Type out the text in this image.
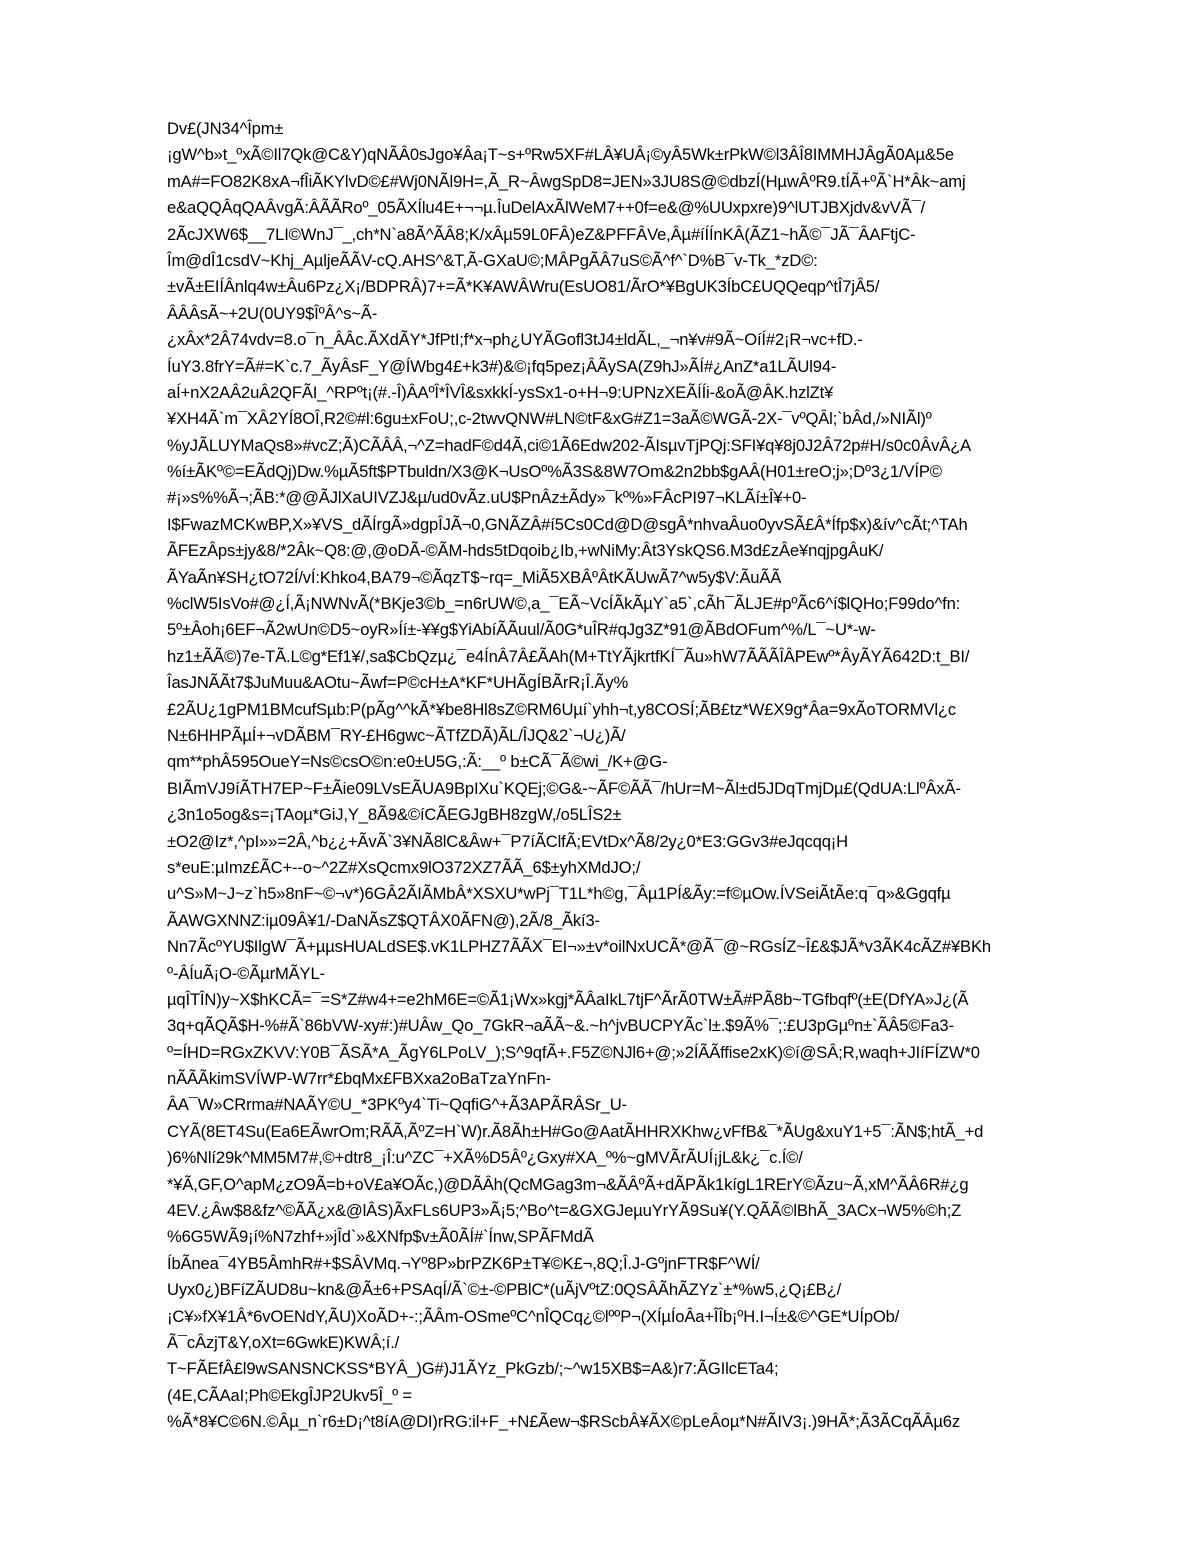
Dv£(JN34^Îpm±
¡gW^b»t_ºxÃ©Il7Qk@C&Y)qNÃÂ0sJgo¥Âa¡T~s+ºRw5XF#LÂ¥UÂ¡©yÂ5Wk±rPkW©l3ÂÎ8IMMHJÂgÃ0Aµ&5e
mA#=FO82K8xA¬fÎiÃKYlvD©£#Wj0NÃl9H=,Ã_R~ÂwgSpD8=JEN»3JU8S@©dbzÍ(HµwÂºR9.tÍÃ+ºÃ`H*Âk~amj
e&aQQÂqQAÂvgÃ:ÂÃÃRoº_05ÃXÍlu4E+¬¬µ.ÎuDelAxÃlWeM7++0f=e&@%UUxpxre)9^lUTJBXjdv&vVÃ¯/
2ÃcJXW6$__7LI©WnJ¯_,ch*N`a8Ã^ÃÂ8;K/xÂµ59L0FÂ)eZ&PFFÂVe,Âµ#íÍÍnKÂ(ÃZ1~hÃ©¯JÃ¯ÂAFtjC-
Îm@dÎ1csdV~Khj_AµljeÃÃV-cQ.AHS^&T,Ã-GXaU©;MÂPgÃÂ7uS©Ã^f^`D%B¯v-Tk_*zD©:
±vÃ±EIÍÂnlq4w±Âu6Pz¿X¡/BDPRÂ)7+=Ã*K¥AWÂWru(EsUO81/ÃrO*¥BgUK3ÍbC£UQQeqp^tÎ7jÂ5/
ÂÂÂsÃ~+2U(0UY9$ÎºÂ^s~Ã-
¿xÂx*2Â74vdv=8.o¯n_ÂÂc.ÃXdÃY*JfPtI;f*x¬ph¿UYÃGofl3tJ4±ldÃL,_¬n¥v#9Ã~OíÍ#2¡R¬vc+fD.-
ÍuY3.8frY=Ã#=K`c.7_ÃyÂsF_Y@ÍWbg4£+k3#)&©¡fq5pez¡ÂÃySA(Z9hJ»ÃÍ#¿AnZ*a1LÃUl94-
aÍ+nX2AÂ2uÂ2QFÃI_^RPºt¡(#.-Î)ÂAºÎ*ÎVÎ&sxkkÍ-ysSx1-o+H¬9:UPNzXEÃÍÍi-&oÃ@ÂK.hzlZt¥
¥XH4Ã`m¯XÂ2YÍ8OÎ,R2©#l:6gu±xFoU;,c-2twvQNW#LN©tF&xG#Z1=3aÃ©WGÃ-2X-¯vºQÂl;`bÂd,/»NIÃl)º
%yJÃLUYMaQs8»#vcZ;Ã)CÃÂÂ,¬^Z=hadF©d4Ã,ci©1Ã6Edw202-ÃIsµvTjPQj:SFI¥q¥8j0J2Â72p#H/s0c0ÂvÂ¿A
%í±ÃKº©=EÃdQj)Dw.%µÃ5ft$PTbuldn/X3@K¬UsOº%Ã3S&8W7Om&2n2bb$gAÂ(H01±reO;j»;Dº3¿1/VÍP©
#¡»s%%Ã¬;ÃB:*@@ÃJlXaUIVZJ&µ/ud0vÃz.uU$PnÂz±Ãdy»¯kº%»FÂcPI97¬KLÃí±Î¥+0-
I$FwazMCKwBP,X»¥VS_dÃÍrgÃ»dgpÎJÃ¬0,GNÃZÂ#í5Cs0Cd@D@sgÂ*nhvaÂuo0yvSÃ£Â*Ífp$x)&ív^cÃt;^TAh
ÃFEzÂps±jy&8/*2Âk~Q8:@,@oDÃ-©ÃM-hds5tDqoib¿Ib,+wNiMy:Ât3YskQS6.M3d£zÂe¥nqjpgÂuK/
ÃYaÃn¥SH¿tO72Í/vÍ:Khko4,BA79¬©ÃqzT$~rq=_MiÃ5XBÂºÂtKÃUwÃ7^w5y$V:ÃuÃÃ
%clW5IsVo#@¿Í,Ã¡NWNvÃ(*BKje3©b_=n6rUW©,a_¯EÃ~VcÍÃkÃµY`a5`,cÃh¯ÃLJE#pºÃc6^í$lQHo;F99do^fn:
5º±Âoh¡6EF¬Ã2wUn©D5~oyR»Íí±-¥¥g$YiAbíÃÃuul/Ã0G*uÎR#qJg3Z*91@ÃBdOFum^%/L¯~U*-w-
hz1±ÃÃ©)7e-TÃ.L©g*Ef1¥/,sa$CbQzµ¿¯e4ÍnÂ7Â£ÃAh(M+TtYÃjkrtfKÍ¯Ãu»hW7ÃÃÃÎÂPEwº*ÂyÃYÃ642D:t_BI/
ÎasJNÃÃt7$JuMuu&AOtu~Ãwf=P©cH±A*KF*UHÃgÍBÃrR¡Î.Ãy%
£2ÃU¿1gPM1BMcufSµb:P(pÃg^^kÃ*¥be8Hl8sZ©RM6Uµí`yhh¬t,y8COSÍ;ÃB£tz*W£X9g*Âa=9xÃoTORMVl¿c
N±6HHPÃµÍ+¬vDÃBM¯RY-£H6gwc~ÃTfZDÃ)ÃL/ÎJQ&2`¬U¿)Ã/
qm**phÂ595OueY=Ns©csO©n:e0±U5G,:Ã:__º b±CÃ¯Ã©wi_/K+@G-
BIÃmVJ9íÃTH7EP~F±Ãie09LVsEÃUA9BpIXu`KQEj;©G&-~ÃF©ÃÃ¯/hUr=M~Ãl±d5JDqTmjDµ£(QdUA:LlºÂxÃ-
¿3n1o5og&s=¡TAoµ*GiJ,Y_8Ã9&©íCÃEGJgBH8zgW,/o5LÎS2±
±O2@Iz*,^pI»»=2Â,^b¿¿+ÃvÃ`3¥NÃ8lC&Âw+¯P7íÃClfÃ;EVtDx^Ã8/2y¿0*E3:GGv3#eJqcqq¡H
s*euE:µImz£ÃC+--o~^2Z#XsQcmx9lO372XZ7ÃÃ_6$±yhXMdJO;/
u^S»M~J~z`h5»8nF~©¬v*)6GÂ2ÃIÃMbÂ*XSXU*wPj¯T1L*h©g,¯Âµ1PÍ&Ãy:=f©µOw.ÍVSeiÃtÃe:q¯q»&Ggqfµ
ÃAWGXNNZ:iµ09Â¥1/-DaNÃsZ$QTÂX0ÃFN@),2Ã/8_Ãkí3-
Nn7ÃcºYU$IlgW¯Ã+µµsHUALdSE$.vK1LPHZ7ÃÃX¯EI¬»±v*oilNxUCÃ*@Ã¯@~RGsÍZ~Î£&$JÃ*v3ÃK4cÃZ#¥BKh
º-ÂÍuÃ¡O-©ÃµrMÃYL-
µqÎTÎN)y~X$hKCÃ=¯=S*Z#w4+=e2hM6E=©Ã1¡Wx»kgj*ÃÂaIkL7tjF^ÃrÃ0TW±Ã#PÃ8b~TGfbqfº(±E(DfYA»J¿(Ã
3q+qÃQÃ$H-%#Ã`86bVW-xy#:)#UÂw_Qo_7GkR¬aÃÃ~&.~h^jvBUCPYÃc`l±.$9Ã%¯;:£U3pGµºn±`ÃÂ5©Fa3-
º=ÍHD=RGxZKVV:Y0B¯ÃSÃ*A_ÃgY6LPoLV_);S^9qfÃ+.F5Z©NJl6+@;»2ÍÃÃffise2xK)©í@SÂ;R,waqh+JIíFÍZW*0
nÃÃÃkimSVÍWP-W7rr*£bqMx£FBXxa2oBaTzaYnFn-
ÂA¯W»CRrma#NAÃY©U_*3PKºy4`Ti~QqfiG^+Ã3APÃRÂSr_U-
CYÃ(8ET4Su(Ea6EÃwrOm;RÃÃ,ÃºZ=H`W)r.Ã8Ãh±H#Go@AatÃHHRXKhw¿vFfB&¯*ÃUg&xuY1+5¯:ÃN$;htÃ_+d
)6%Nlí29k^MM5M7#,©+dtr8_¡Î:u^ZC¯+XÃ%D5Âº¿Gxy#XA_º%~gMVÃrÃUÍ¡jL&k¿¯c.Í©/
*¥Ã,GF,O^apM¿zO9Ã=b+oV£a¥OÃc,)@DÃÂh(QcMGag3m¬&ÃÂºÃ+dÃPÃk1kígL1RErY©Ãzu~Ã,xM^ÃÂ6R#¿g
4EV.¿Âw$8&fz^©ÃÃ¿x&@lÂS)ÃxFLs6UP3»Ã¡5;^Bo^t=&GXGJeµuYrYÃ9Su¥(Y.QÃÃ©lBhÃ_3ACx¬W5%©h;Z
%6G5WÃ9¡í%N7zhf+»jÎd`»&XNfp$v±Ã0ÃÍ#`Ínw,SPÃFMdÃ
ÍbÃnea¯4YB5ÂmhR#+$SÂVMq.¬Yº8P»brPZK6P±T¥©K£¬,8Q;Î.J-GºjnFTR$F^WÍ/
Uyx0¿)BFíZÃUD8u~kn&@Ã±6+PSAqÍ/Ã`©±-©PBlC*(uÃjVºtZ:0QSÂÃhÃZYz`±*%w5,¿Q¡£B¿/
¡C¥»fX¥1Â*6vOENdY,ÃU)XoÃD+-:;ÃÂm-OSmeºC^nÎQCq¿©lººP¬(XÍµÍoÂa+ÎÎb¡ºH.I¬Í±&©^GE*UÍpOb/
Ã¯cÂzjT&Y,oXt=6GwkE)KWÂ;í./
T~FÃEfÂ£l9wSANSNCKSS*BYÂ_)G#)J1ÃYz_PkGzb/;~^w15XB$=A&)r7:ÃGIlcETa4;
(4E,CÃAaI;Ph©EkgÎJP2Ukv5Î_º =
%Ã*8¥C©6N.©Âµ_n`r6±D¡^t8íA@DI)rRG:il+F_+N£Ãew¬$RScbÂ¥ÃX©pLeÂoµ*N#ÃIV3¡.)9HÃ*;Ã3ÃCqÃÂµ6z
